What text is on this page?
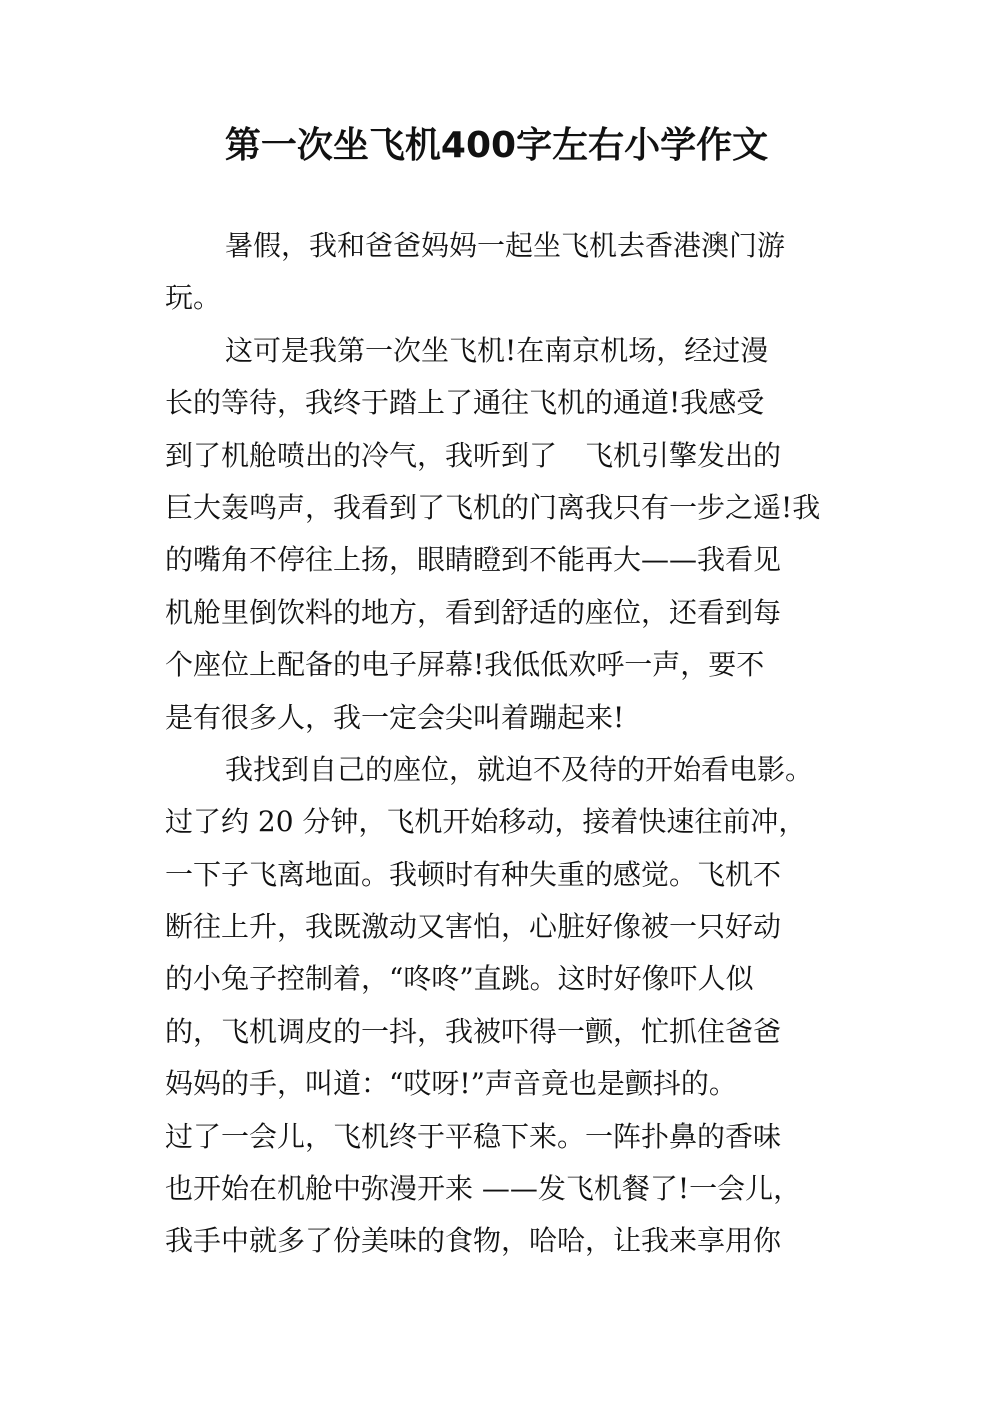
第一次坐飞机400字左右小学作文
暑假，我和爸爸妈妈一起坐飞机去香港澳门游
玩。
这可是我第一次坐飞机!在南京机场，经过漫
长的等待，我终于踏上了通往飞机的通道!我感受
到了机舱喷出的冷气，我听到了　飞机引擎发出的
巨大轰鸣声，我看到了飞机的门离我只有一步之遥!我
的嘴角不停往上扬，眼睛瞪到不能再大——我看见
机舱里倒饮料的地方，看到舒适的座位，还看到每
个座位上配备的电子屏幕!我低低欢呼一声，要不
是有很多人，我一定会尖叫着蹦起来!
我找到自己的座位，就迫不及待的开始看电影。
过了约 20 分钟，飞机开始移动，接着快速往前冲，
一下子飞离地面。我顿时有种失重的感觉。飞机不
断往上升，我既激动又害怕，心脏好像被一只好动
的小兔子控制着，“咚咚”直跳。这时好像吓人似
的，飞机调皮的一抖，我被吓得一颤，忙抓住爸爸
妈妈的手，叫道：“哎呀!”声音竟也是颤抖的。
过了一会儿，飞机终于平稳下来。一阵扑鼻的香味
也开始在机舱中弥漫开来 ——发飞机餐了!一会儿，
我手中就多了份美味的食物，哈哈，让我来享用你
